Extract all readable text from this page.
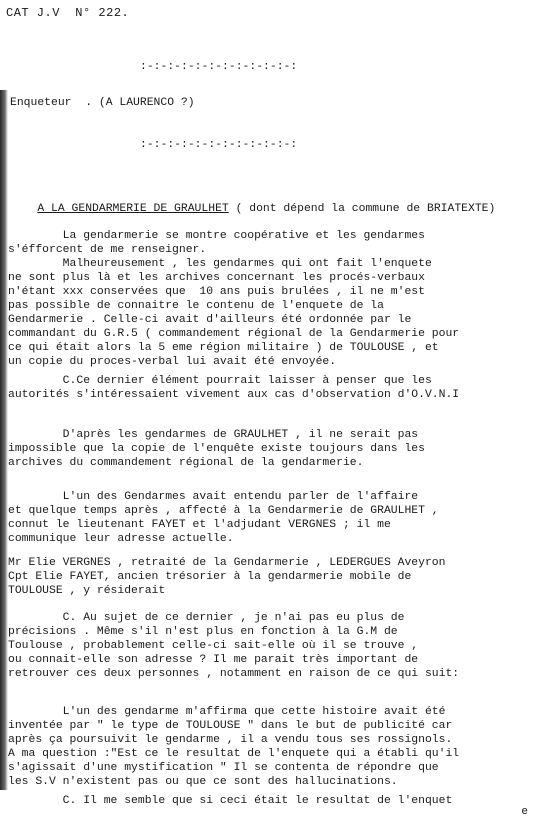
CAT J.V  N° 222.
:-:-:-:-:-:-:-:-:-:-:-:
Enqueteur  . (A LAURENCO ?)
:-:-:-:-:-:-:-:-:-:-:-:

A LA GENDARMERIE DE GRAULHET ( dont dépend la commune de BRIATEXTE)

La gendarmerie se montre coopérative et les gendarmes
s'éfforcent de me renseigner.
Malheureusement , les gendarmes qui ont fait l'enquete
ne sont plus là et les archives concernant les procés-verbaux
n'étant xxx conservées que  10 ans puis brulées , il ne m'est
pas possible de connaitre le contenu de l'enquete de la
Gendarmerie . Celle-ci avait d'ailleurs été ordonnée par le
commandant du G.R.5 ( commandement régional de la Gendarmerie pour
ce qui était alors la 5 eme région militaire ) de TOULOUSE , et
un copie du proces-verbal lui avait été envoyée.
C.Ce dernier élément pourrait laisser à penser que les
autorités s'intéressaient vivement aux cas d'observation d'O.V.N.I
D'après les gendarmes de GRAULHET , il ne serait pas
impossible que la copie de l'enquête existe toujours dans les
archives du commandement régional de la gendarmerie.
L'un des Gendarmes avait entendu parler de l'affaire
et quelque temps après , affecté à la Gendarmerie de GRAULHET ,
connut le lieutenant FAYET et l'adjudant VERGNES ; il me
communique leur adresse actuelle.
Mr Elie VERGNES , retraité de la Gendarmerie , LEDERGUES Aveyron
Cpt Elie FAYET, ancien trésorier à la gendarmerie mobile de
TOULOUSE , y résiderait
C. Au sujet de ce dernier , je n'ai pas eu plus de
précisions . Même s'il n'est plus en fonction à la G.M de
Toulouse , probablement celle-ci sait-elle où il se trouve ,
ou connait-elle son adresse ? Il me parait très important de
retrouver ces deux personnes , notamment en raison de ce qui suit:
L'un des gendarme m'affirma que cette histoire avait été
inventée par " le type de TOULOUSE " dans le but de publicité car
après ça poursuivit le gendarme , il a vendu tous ses rossignols.
A ma question :"Est ce le resultat de l'enquete qui a établi qu'il
s'agissait d'une mystification " Il se contenta de répondre que
les S.V n'existent pas ou que ce sont des hallucinations.
C. Il me semble que si ceci était le resultat de l'enquet
e
